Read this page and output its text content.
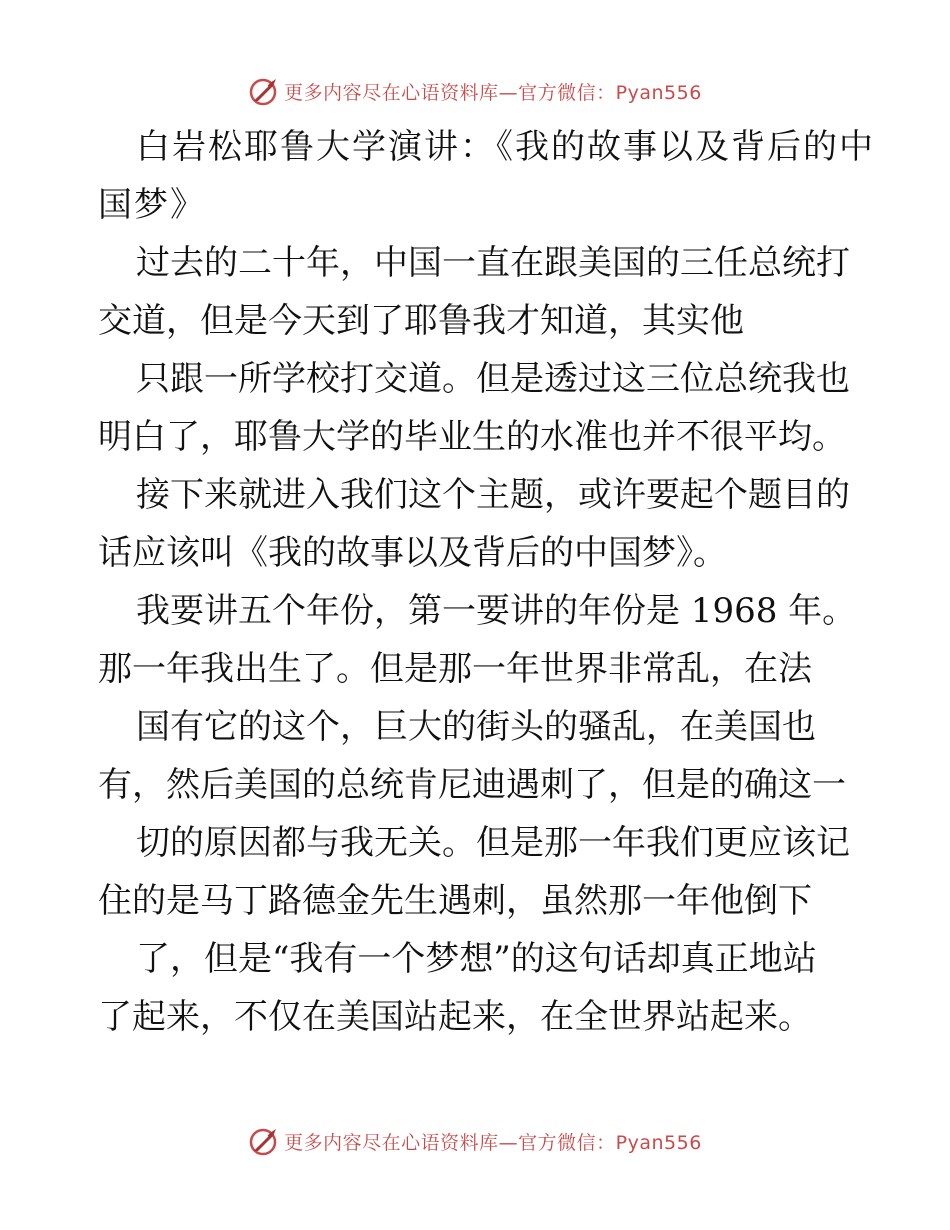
更多内容尽在心语资料库—官方微信：Pyan556
白岩松耶鲁大学演讲：《我的故事以及背后的中
国梦》
过去的二十年，中国一直在跟美国的三任总统打
交道，但是今天到了耶鲁我才知道，其实他
只跟一所学校打交道。但是透过这三位总统我也
明白了，耶鲁大学的毕业生的水准也并不很平均。
接下来就进入我们这个主题，或许要起个题目的
话应该叫《我的故事以及背后的中国梦》。
我要讲五个年份，第一要讲的年份是 1968 年。
那一年我出生了。但是那一年世界非常乱，在法
国有它的这个，巨大的街头的骚乱，在美国也
有，然后美国的总统肯尼迪遇刺了，但是的确这一
切的原因都与我无关。但是那一年我们更应该记
住的是马丁路德金先生遇刺，虽然那一年他倒下
了，但是“我有一个梦想”的这句话却真正地站
了起来，不仅在美国站起来，在全世界站起来。
更多内容尽在心语资料库—官方微信：Pyan556
